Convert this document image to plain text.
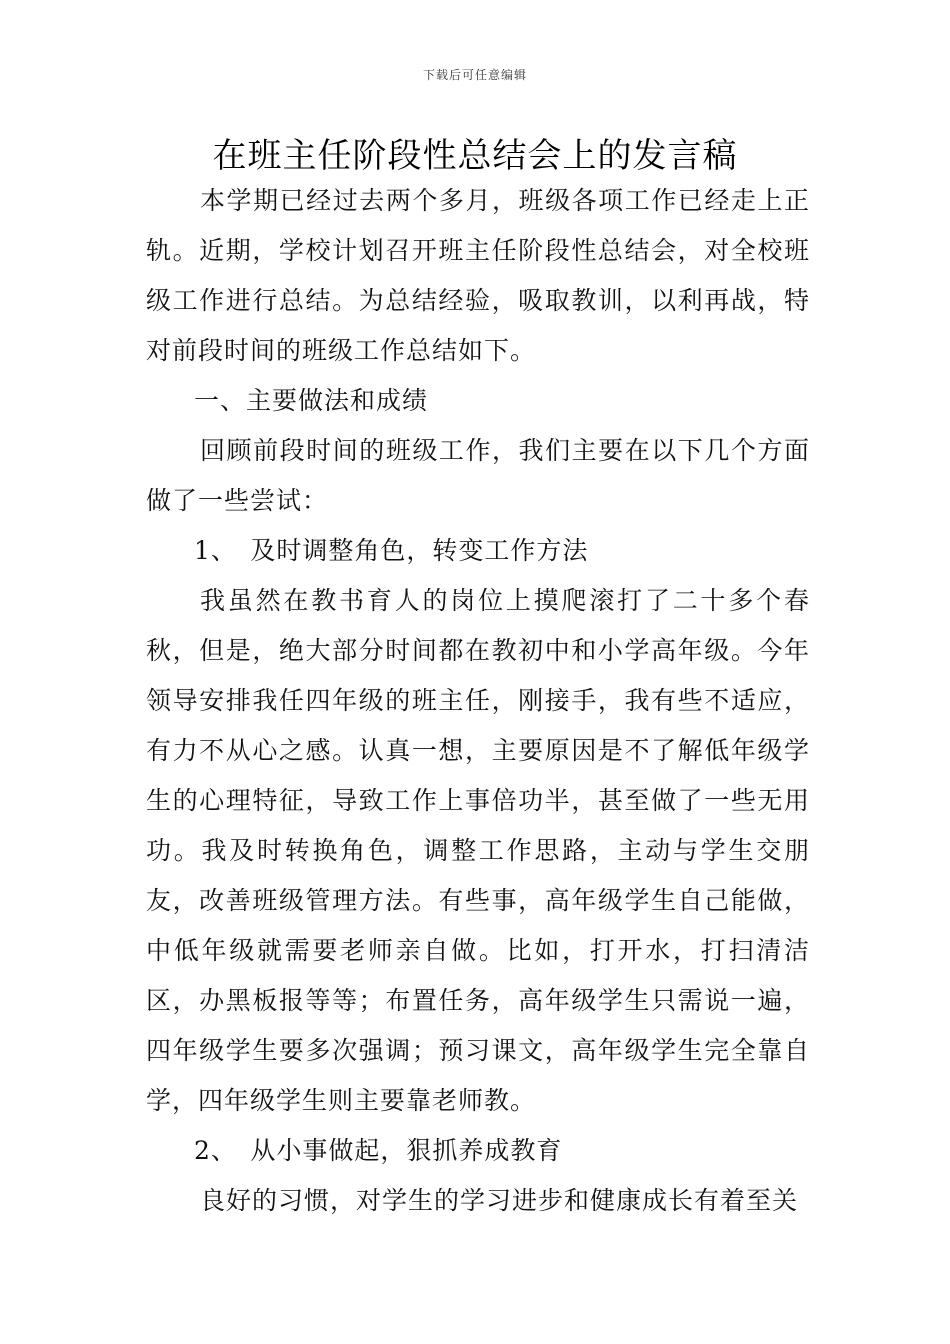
下载后可任意编辑
在班主任阶段性总结会上的发言稿

本学期已经过去两个多月，班级各项工作已经走上正轨。近期，学校计划召开班主任阶段性总结会，对全校班级工作进行总结。为总结经验，吸取教训，以利再战，特对前段时间的班级工作总结如下。

一、主要做法和成绩

回顾前段时间的班级工作，我们主要在以下几个方面做了一些尝试：

1、　及时调整角色，转变工作方法

我虽然在教书育人的岗位上摸爬滚打了二十多个春秋，但是，绝大部分时间都在教初中和小学高年级。今年领导安排我任四年级的班主任，刚接手，我有些不适应，有力不从心之感。认真一想，主要原因是不了解低年级学生的心理特征，导致工作上事倍功半，甚至做了一些无用功。我及时转换角色，调整工作思路，主动与学生交朋友，改善班级管理方法。有些事，高年级学生自己能做，中低年级就需要老师亲自做。比如，打开水，打扫清洁区，办黑板报等等；布置任务，高年级学生只需说一遍，四年级学生要多次强调；预习课文，高年级学生完全靠自学，四年级学生则主要靠老师教。

2、　从小事做起，狠抓养成教育

良好的习惯，对学生的学习进步和健康成长有着至关
